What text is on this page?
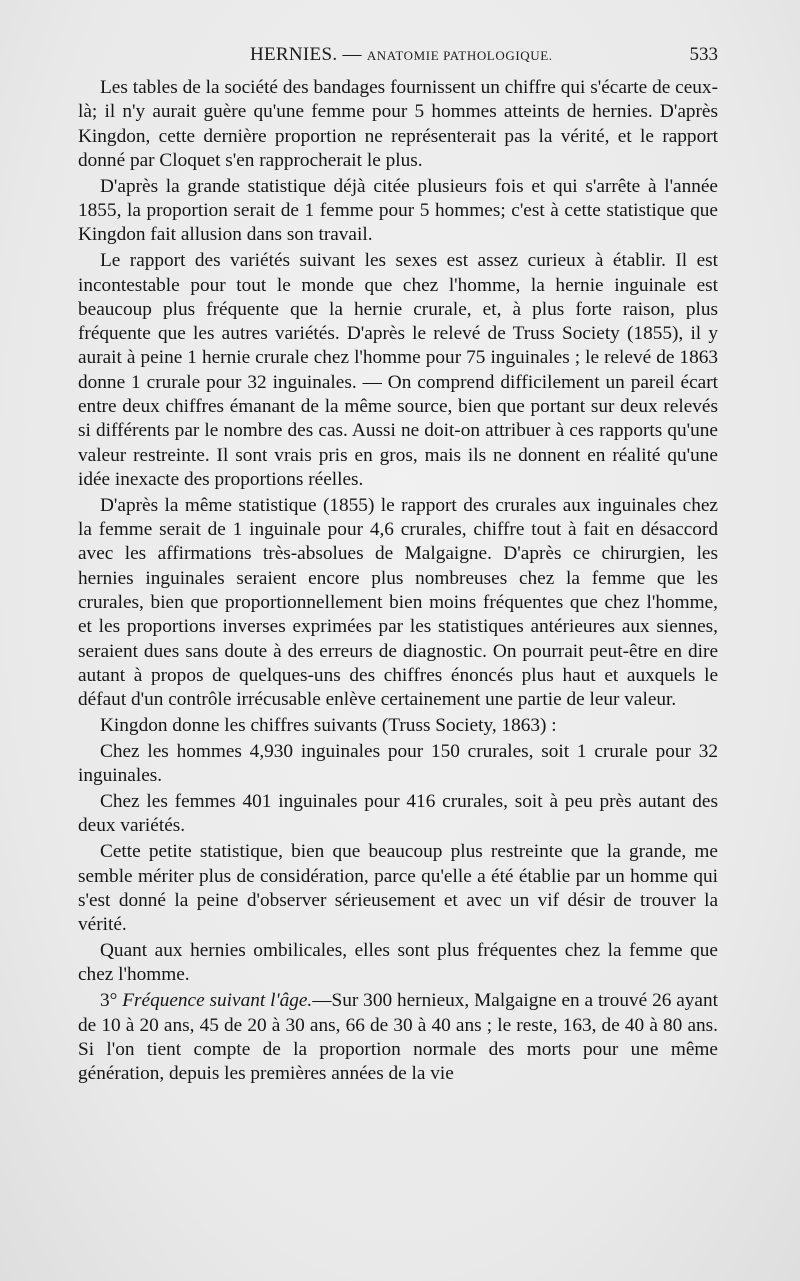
HERNIES. — ANATOMIE PATHOLOGIQUE.	533

Les tables de la société des bandages fournissent un chiffre qui s'écarte de ceux-là; il n'y aurait guère qu'une femme pour 5 hommes atteints de hernies. D'après Kingdon, cette dernière proportion ne représenterait pas la vérité, et le rapport donné par Cloquet s'en rapprocherait le plus.

D'après la grande statistique déjà citée plusieurs fois et qui s'arrête à l'année 1855, la proportion serait de 1 femme pour 5 hommes; c'est à cette statistique que Kingdon fait allusion dans son travail.

Le rapport des variétés suivant les sexes est assez curieux à établir. Il est incontestable pour tout le monde que chez l'homme, la hernie inguinale est beaucoup plus fréquente que la hernie crurale, et, à plus forte raison, plus fréquente que les autres variétés. D'après le relevé de Truss Society (1855), il y aurait à peine 1 hernie crurale chez l'homme pour 75 inguinales ; le relevé de 1863 donne 1 crurale pour 32 inguinales. — On comprend difficilement un pareil écart entre deux chiffres émanant de la même source, bien que portant sur deux relevés si différents par le nombre des cas. Aussi ne doit-on attribuer à ces rapports qu'une valeur restreinte. Il sont vrais pris en gros, mais ils ne donnent en réalité qu'une idée inexacte des proportions réelles.

D'après la même statistique (1855) le rapport des crurales aux inguinales chez la femme serait de 1 inguinale pour 4,6 crurales, chiffre tout à fait en désaccord avec les affirmations très-absolues de Malgaigne. D'après ce chirurgien, les hernies inguinales seraient encore plus nombreuses chez la femme que les crurales, bien que proportionnellement bien moins fréquentes que chez l'homme, et les proportions inverses exprimées par les statistiques antérieures aux siennes, seraient dues sans doute à des erreurs de diagnostic. On pourrait peut-être en dire autant à propos de quelques-uns des chiffres énoncés plus haut et auxquels le défaut d'un contrôle irrécusable enlève certainement une partie de leur valeur.

Kingdon donne les chiffres suivants (Truss Society, 1863) :

Chez les hommes 4,930 inguinales pour 150 crurales, soit 1 crurale pour 32 inguinales.

Chez les femmes 401 inguinales pour 416 crurales, soit à peu près autant des deux variétés.

Cette petite statistique, bien que beaucoup plus restreinte que la grande, me semble mériter plus de considération, parce qu'elle a été établie par un homme qui s'est donné la peine d'observer sérieusement et avec un vif désir de trouver la vérité.

Quant aux hernies ombilicales, elles sont plus fréquentes chez la femme que chez l'homme.

3° Fréquence suivant l'âge.—Sur 300 hernieux, Malgaigne en a trouvé 26 ayant de 10 à 20 ans, 45 de 20 à 30 ans, 66 de 30 à 40 ans ; le reste, 163, de 40 à 80 ans. Si l'on tient compte de la proportion normale des morts pour une même génération, depuis les premières années de la vie
